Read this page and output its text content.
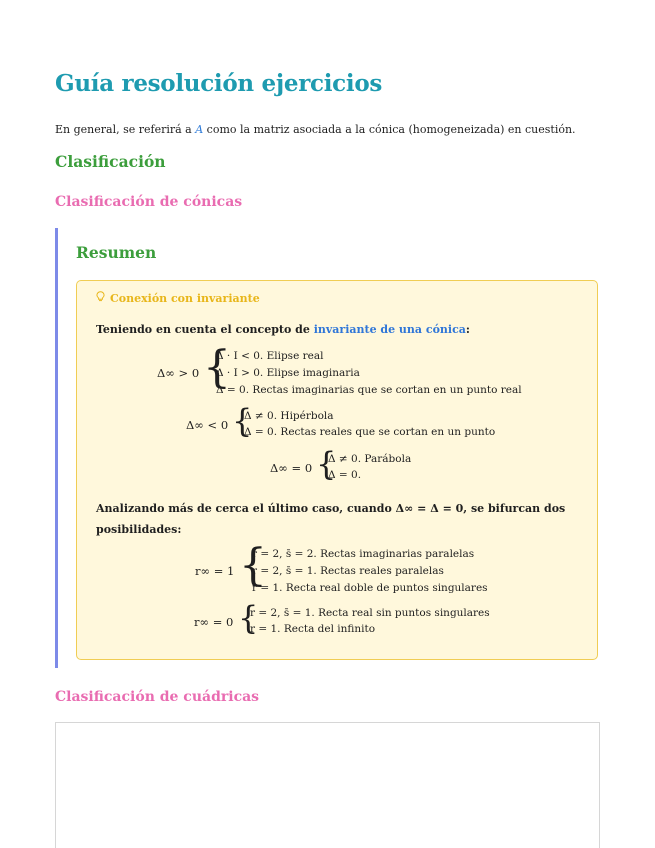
Guía resolución ejercicios
En general, se referirá a A como la matriz asociada a la cónica (homogeneizada) en cuestión.
Clasificación
Clasificación de cónicas
Resumen
Conexión con invariante
Teniendo en cuenta el concepto de invariante de una cónica:
Δ∞ > 0 {
Δ · I < 0. Elipse real
Δ · I > 0. Elipse imaginaria
Δ = 0. Rectas imaginarias que se cortan en un punto real
Δ∞ < 0 {
Δ ≠ 0. Hipérbola
Δ = 0. Rectas reales que se cortan en un punto
Δ∞ = 0 {
Δ ≠ 0. Parábola
Δ = 0.
Analizando más de cerca el último caso, cuando Δ∞ = Δ = 0, se bifurcan dos posibilidades:
r∞ = 1 {
r = 2, s̄ = 2. Rectas imaginarias paralelas
r = 2, s̄ = 1. Rectas reales paralelas
r = 1. Recta real doble de puntos singulares
r∞ = 0 {
r = 2, s̄ = 1. Recta real sin puntos singulares
r = 1. Recta del infinito
Clasificación de cuádricas
